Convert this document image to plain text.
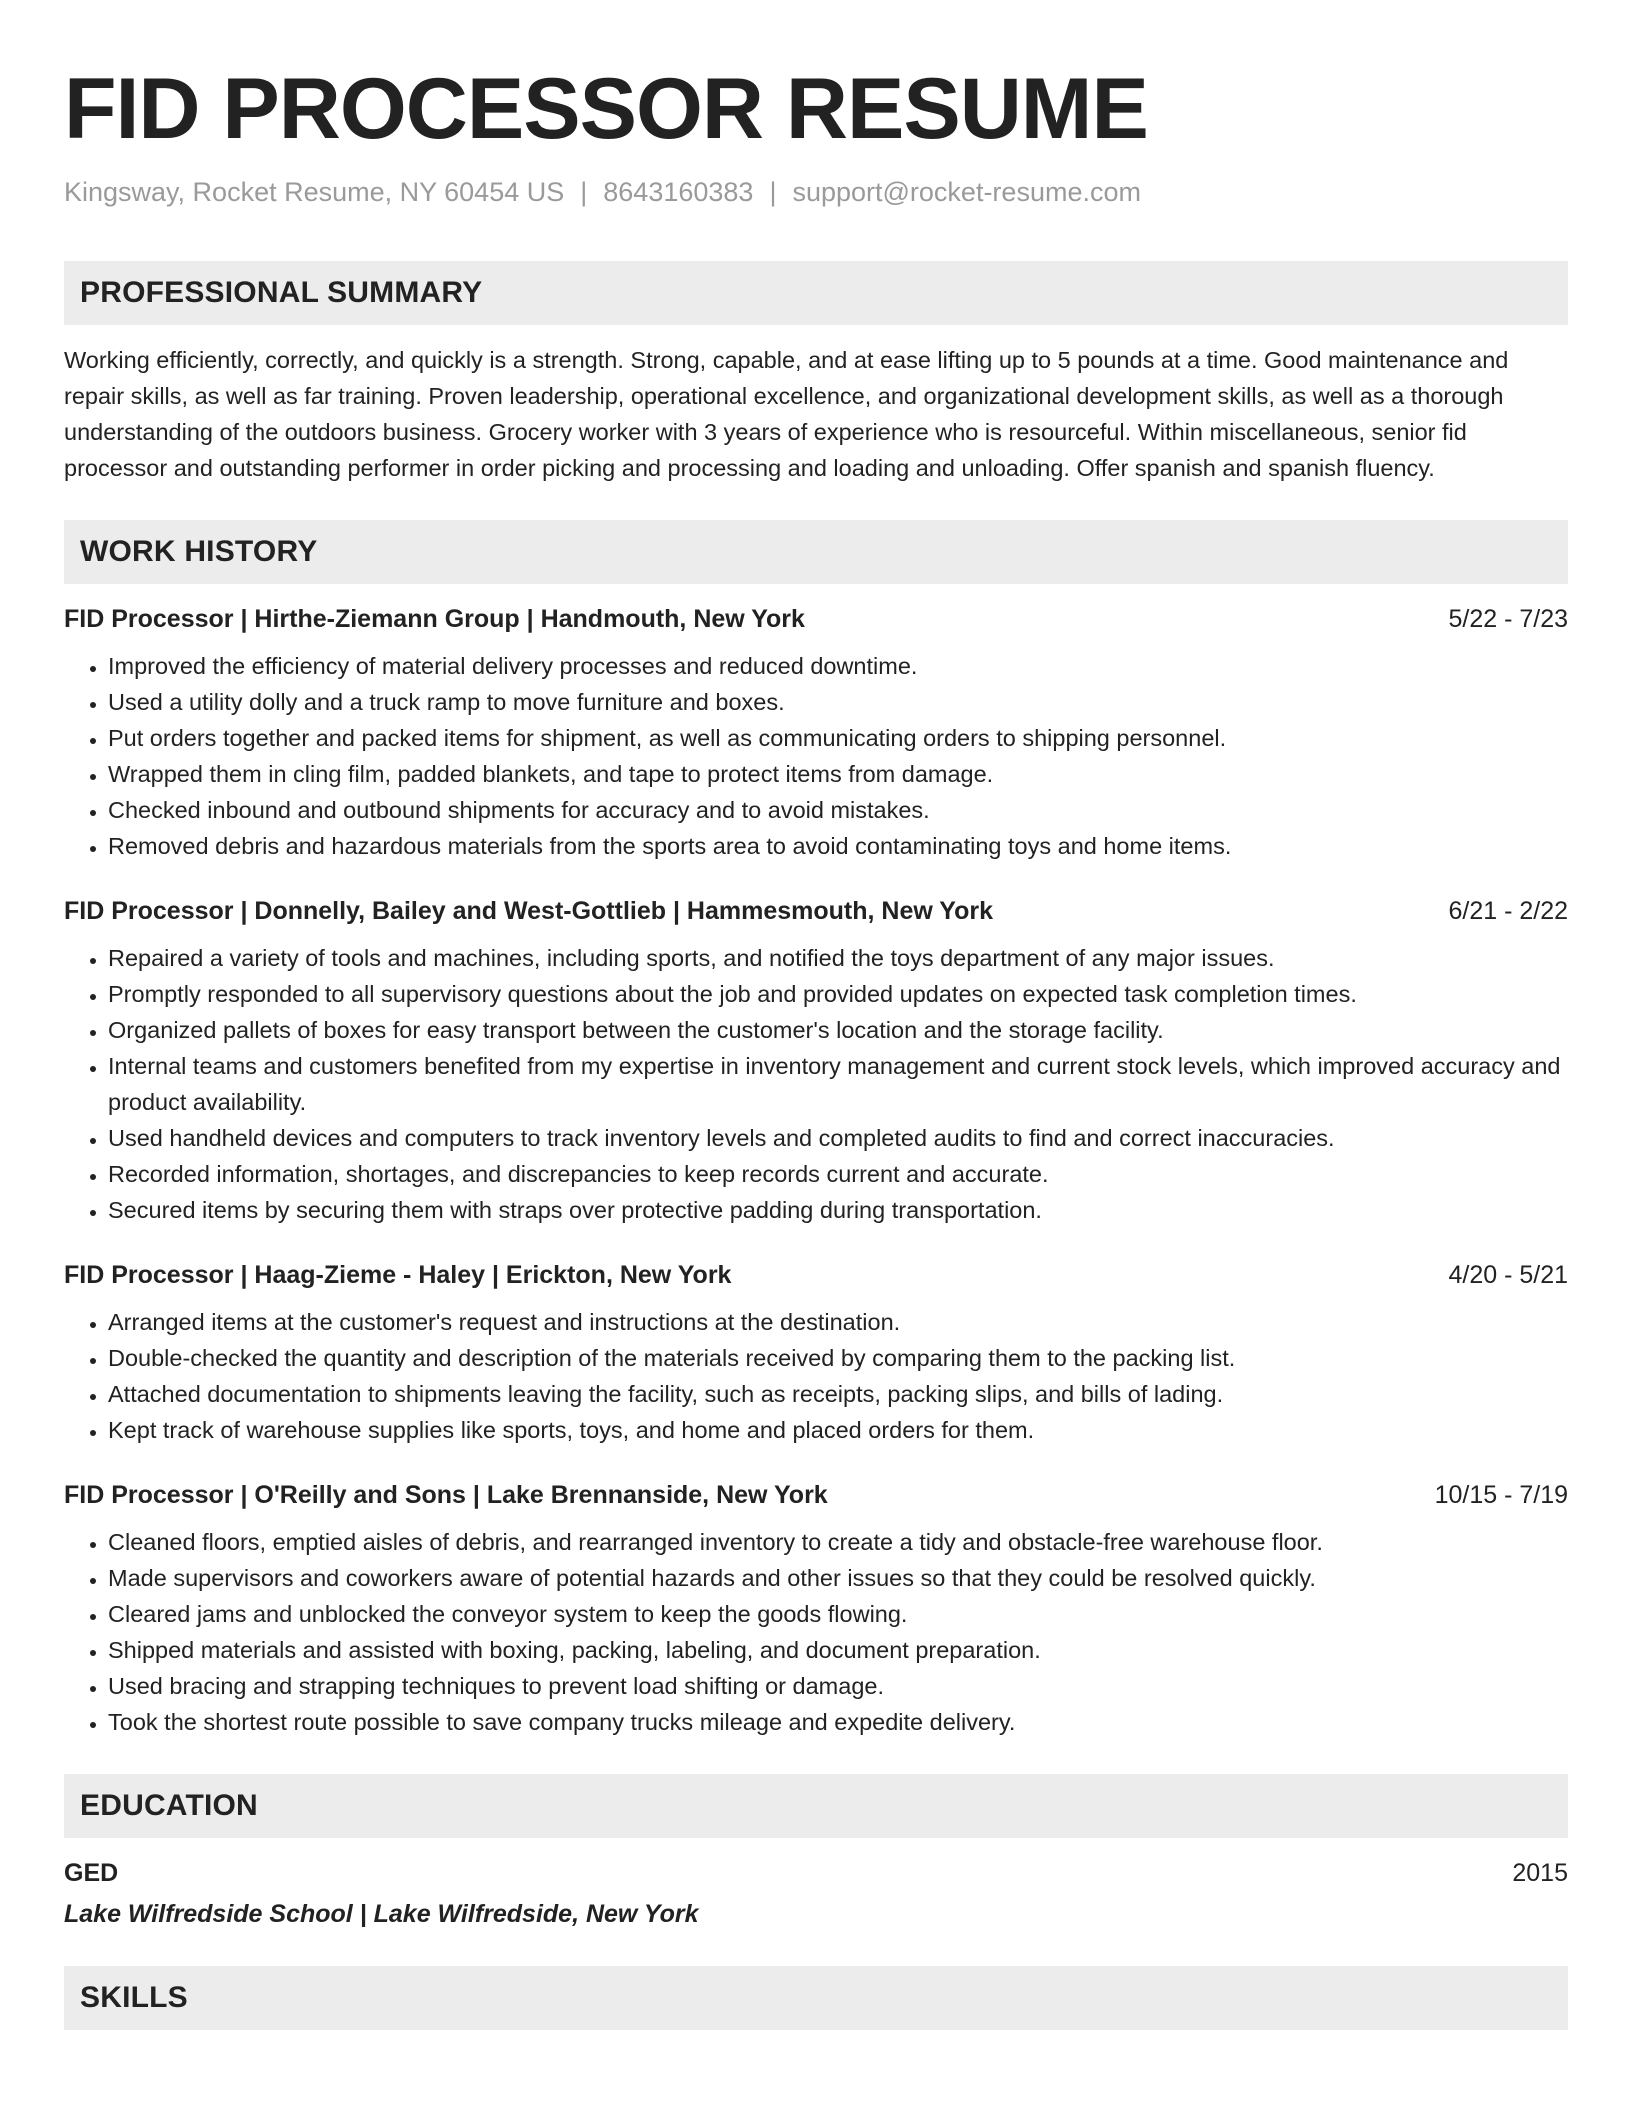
FID PROCESSOR RESUME
Kingsway, Rocket Resume, NY 60454 US | 8643160383 | support@rocket-resume.com
PROFESSIONAL SUMMARY

Working efficiently, correctly, and quickly is a strength. Strong, capable, and at ease lifting up to 5 pounds at a time. Good maintenance and repair skills, as well as far training. Proven leadership, operational excellence, and organizational development skills, as well as a thorough understanding of the outdoors business. Grocery worker with 3 years of experience who is resourceful. Within miscellaneous, senior fid processor and outstanding performer in order picking and processing and loading and unloading. Offer spanish and spanish fluency.

WORK HISTORY
FID Processor | Hirthe-Ziemann Group | Handmouth, New York	5/22 - 7/23
• Improved the efficiency of material delivery processes and reduced downtime.
• Used a utility dolly and a truck ramp to move furniture and boxes.
• Put orders together and packed items for shipment, as well as communicating orders to shipping personnel.
• Wrapped them in cling film, padded blankets, and tape to protect items from damage.
• Checked inbound and outbound shipments for accuracy and to avoid mistakes.
• Removed debris and hazardous materials from the sports area to avoid contaminating toys and home items.
FID Processor | Donnelly, Bailey and West-Gottlieb | Hammesmouth, New York	6/21 - 2/22
• Repaired a variety of tools and machines, including sports, and notified the toys department of any major issues.
• Promptly responded to all supervisory questions about the job and provided updates on expected task completion times.
• Organized pallets of boxes for easy transport between the customer's location and the storage facility.
• Internal teams and customers benefited from my expertise in inventory management and current stock levels, which improved accuracy and product availability.
• Used handheld devices and computers to track inventory levels and completed audits to find and correct inaccuracies.
• Recorded information, shortages, and discrepancies to keep records current and accurate.
• Secured items by securing them with straps over protective padding during transportation.
FID Processor | Haag-Zieme - Haley | Erickton, New York	4/20 - 5/21
• Arranged items at the customer's request and instructions at the destination.
• Double-checked the quantity and description of the materials received by comparing them to the packing list.
• Attached documentation to shipments leaving the facility, such as receipts, packing slips, and bills of lading.
• Kept track of warehouse supplies like sports, toys, and home and placed orders for them.
FID Processor | O'Reilly and Sons | Lake Brennanside, New York	10/15 - 7/19
• Cleaned floors, emptied aisles of debris, and rearranged inventory to create a tidy and obstacle-free warehouse floor.
• Made supervisors and coworkers aware of potential hazards and other issues so that they could be resolved quickly.
• Cleared jams and unblocked the conveyor system to keep the goods flowing.
• Shipped materials and assisted with boxing, packing, labeling, and document preparation.
• Used bracing and strapping techniques to prevent load shifting or damage.
• Took the shortest route possible to save company trucks mileage and expedite delivery.
EDUCATION
GED	2015
Lake Wilfredside School | Lake Wilfredside, New York
SKILLS
